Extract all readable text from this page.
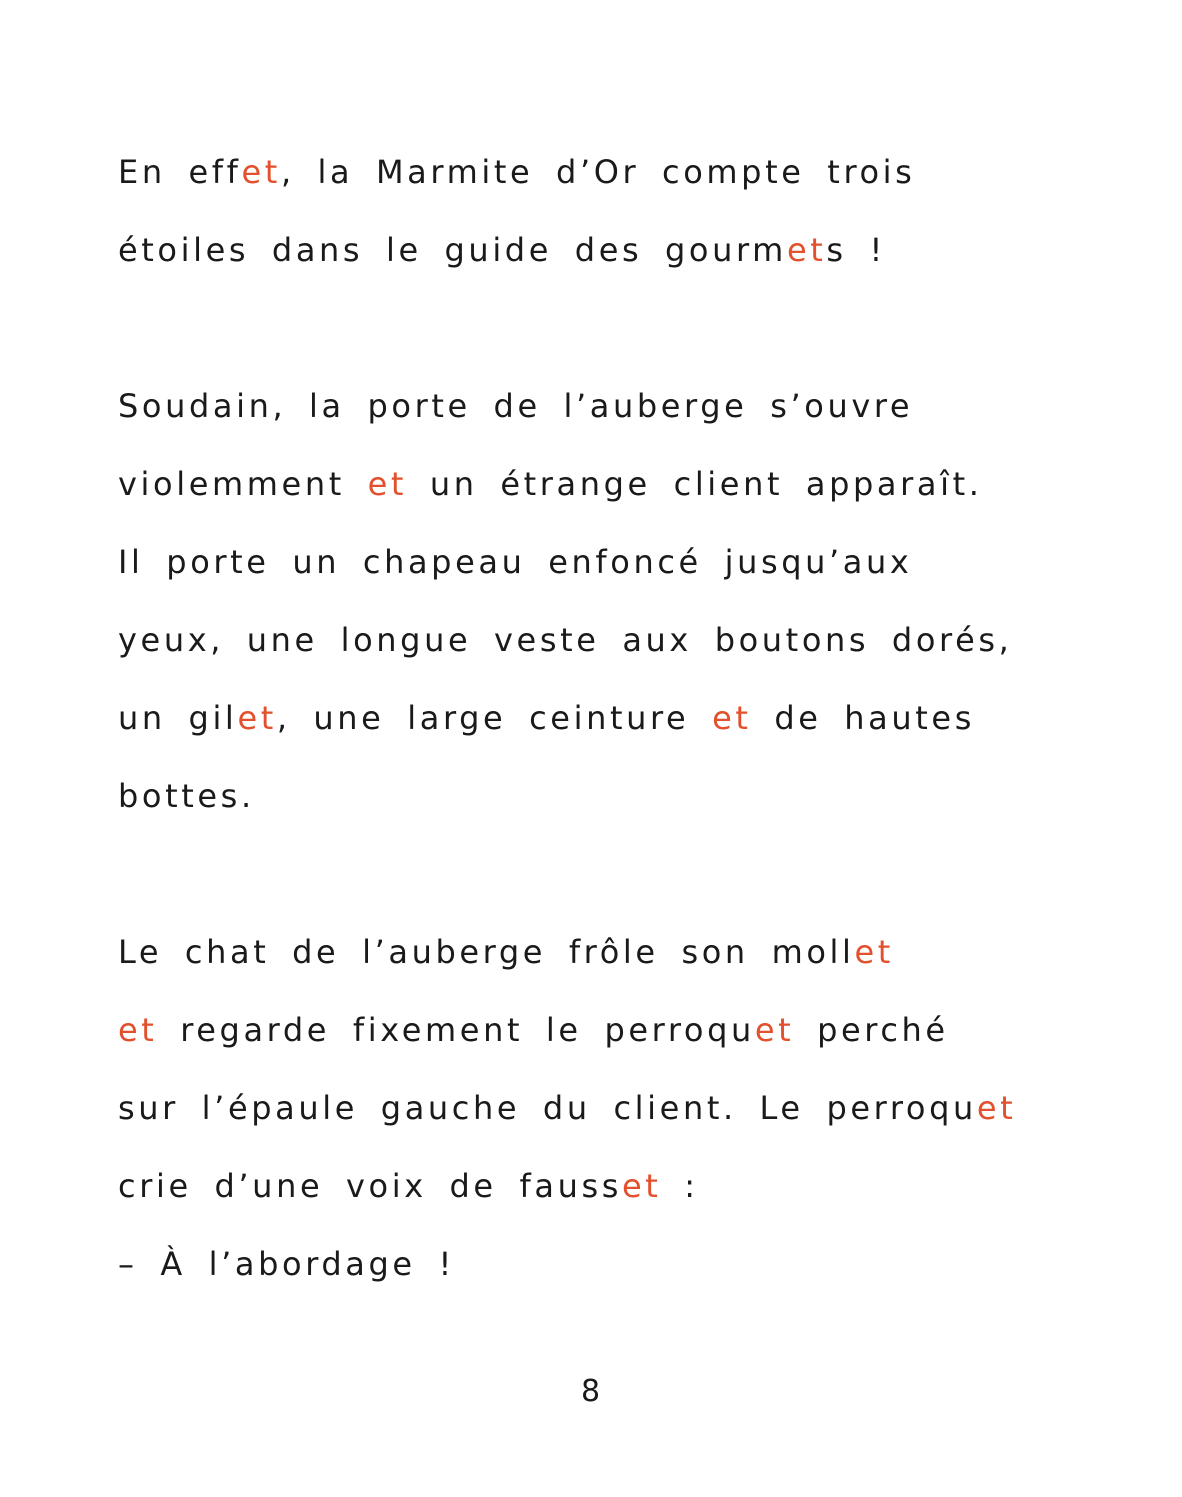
En effet, la Marmite d’Or compte trois
étoiles dans le guide des gourmets !
Soudain, la porte de l’auberge s’ouvre
violemment et un étrange client apparaît.
Il porte un chapeau enfoncé jusqu’aux
yeux, une longue veste aux boutons dorés,
un gilet, une large ceinture et de hautes
bottes.
Le chat de l’auberge frôle son mollet
et regarde fixement le perroquet perché
sur l’épaule gauche du client. Le perroquet
crie d’une voix de fausset :
– À l’abordage !
8
